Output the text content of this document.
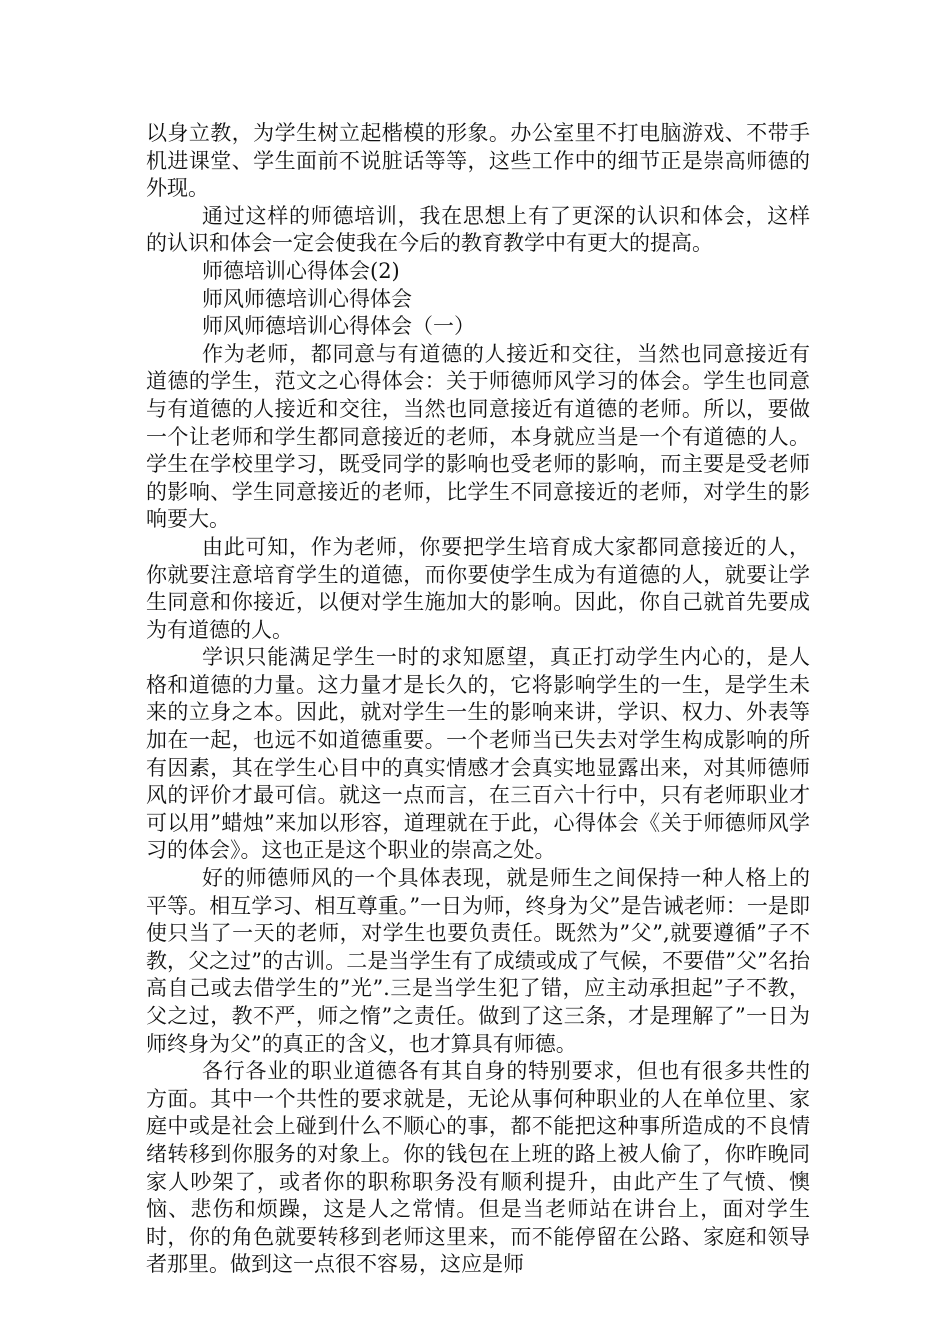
以身立教，为学生树立起楷模的形象。办公室里不打电脑游戏、不带手机进课堂、学生面前不说脏话等等，这些工作中的细节正是崇高师德的外现。

通过这样的师德培训，我在思想上有了更深的认识和体会，这样的认识和体会一定会使我在今后的教育教学中有更大的提高。

师德培训心得体会(2)

师风师德培训心得体会

师风师德培训心得体会（一）

作为老师，都同意与有道德的人接近和交往，当然也同意接近有道德的学生，范文之心得体会：关于师德师风学习的体会。学生也同意与有道德的人接近和交往，当然也同意接近有道德的老师。所以，要做一个让老师和学生都同意接近的老师，本身就应当是一个有道德的人。学生在学校里学习，既受同学的影响也受老师的影响，而主要是受老师的影响、学生同意接近的老师，比学生不同意接近的老师，对学生的影响要大。

由此可知，作为老师，你要把学生培育成大家都同意接近的人，你就要注意培育学生的道德，而你要使学生成为有道德的人，就要让学生同意和你接近，以便对学生施加大的影响。因此，你自己就首先要成为有道德的人。

学识只能满足学生一时的求知愿望，真正打动学生内心的，是人格和道德的力量。这力量才是长久的，它将影响学生的一生，是学生未来的立身之本。因此，就对学生一生的影响来讲，学识、权力、外表等加在一起，也远不如道德重要。一个老师当已失去对学生构成影响的所有因素，其在学生心目中的真实情感才会真实地显露出来，对其师德师风的评价才最可信。就这一点而言，在三百六十行中，只有老师职业才可以用”蜡烛”来加以形容，道理就在于此，心得体会《关于师德师风学习的体会》。这也正是这个职业的崇高之处。

好的师德师风的一个具体表现，就是师生之间保持一种人格上的平等。相互学习、相互尊重。”一日为师，终身为父”是告诫老师：一是即使只当了一天的老师，对学生也要负责任。既然为”父”,就要遵循”子不教，父之过”的古训。二是当学生有了成绩或成了气候，不要借”父”名抬高自己或去借学生的”光”.三是当学生犯了错，应主动承担起”子不教，父之过，教不严，师之惰”之责任。做到了这三条，才是理解了”一日为师终身为父”的真正的含义，也才算具有师德。

各行各业的职业道德各有其自身的特别要求，但也有很多共性的方面。其中一个共性的要求就是，无论从事何种职业的人在单位里、家庭中或是社会上碰到什么不顺心的事，都不能把这种事所造成的不良情绪转移到你服务的对象上。你的钱包在上班的路上被人偷了，你昨晚同家人吵架了，或者你的职称职务没有顺利提升，由此产生了气愤、懊恼、悲伤和烦躁，这是人之常情。但是当老师站在讲台上，面对学生时，你的角色就要转移到老师这里来，而不能停留在公路、家庭和领导者那里。做到这一点很不容易，这应是师
